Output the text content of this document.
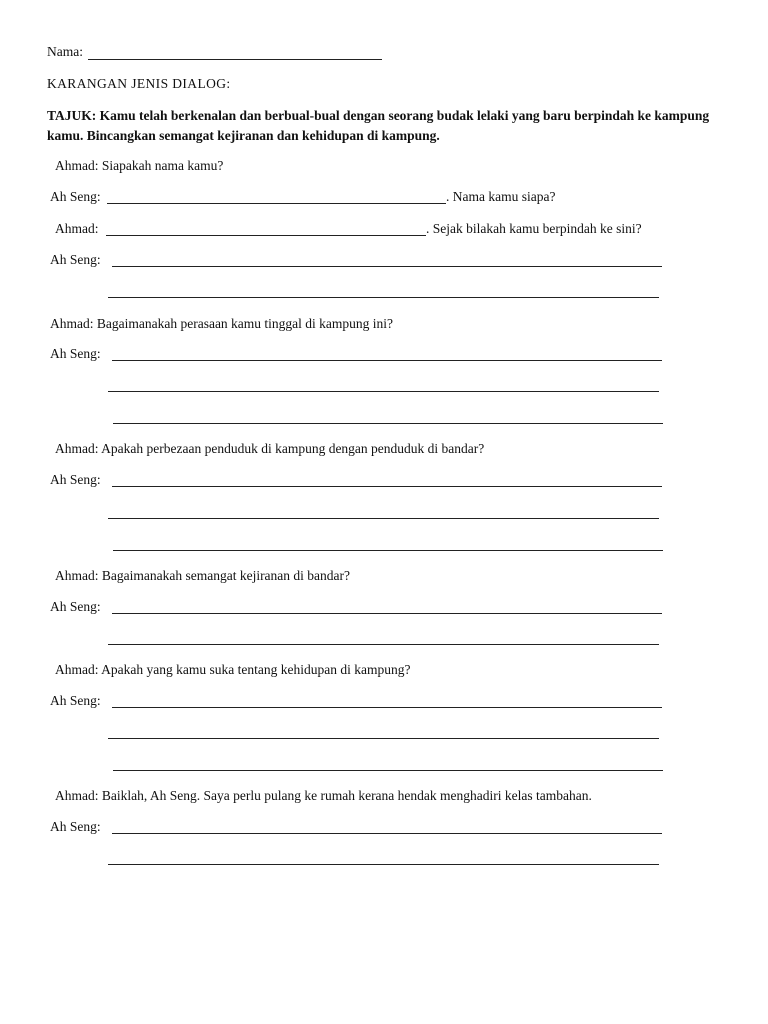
Nama:
KARANGAN JENIS DIALOG:
TAJUK: Kamu telah berkenalan dan berbual-bual dengan seorang budak lelaki yang baru berpindah ke kampung kamu. Bincangkan semangat kejiranan dan kehidupan di kampung.
Ahmad: Siapakah nama kamu?
Ah Seng:	. Nama kamu siapa?
Ahmad:	. Sejak bilakah kamu berpindah ke sini?
Ah Seng:
Ahmad: Bagaimanakah perasaan kamu tinggal di kampung ini?
Ah Seng:
Ahmad: Apakah perbezaan penduduk di kampung dengan penduduk di bandar?
Ah Seng:
Ahmad: Bagaimanakah semangat kejiranan di bandar?
Ah Seng:
Ahmad: Apakah yang kamu suka tentang kehidupan di kampung?
Ah Seng:
Ahmad: Baiklah, Ah Seng. Saya perlu pulang ke rumah kerana hendak menghadiri kelas tambahan.
Ah Seng:
